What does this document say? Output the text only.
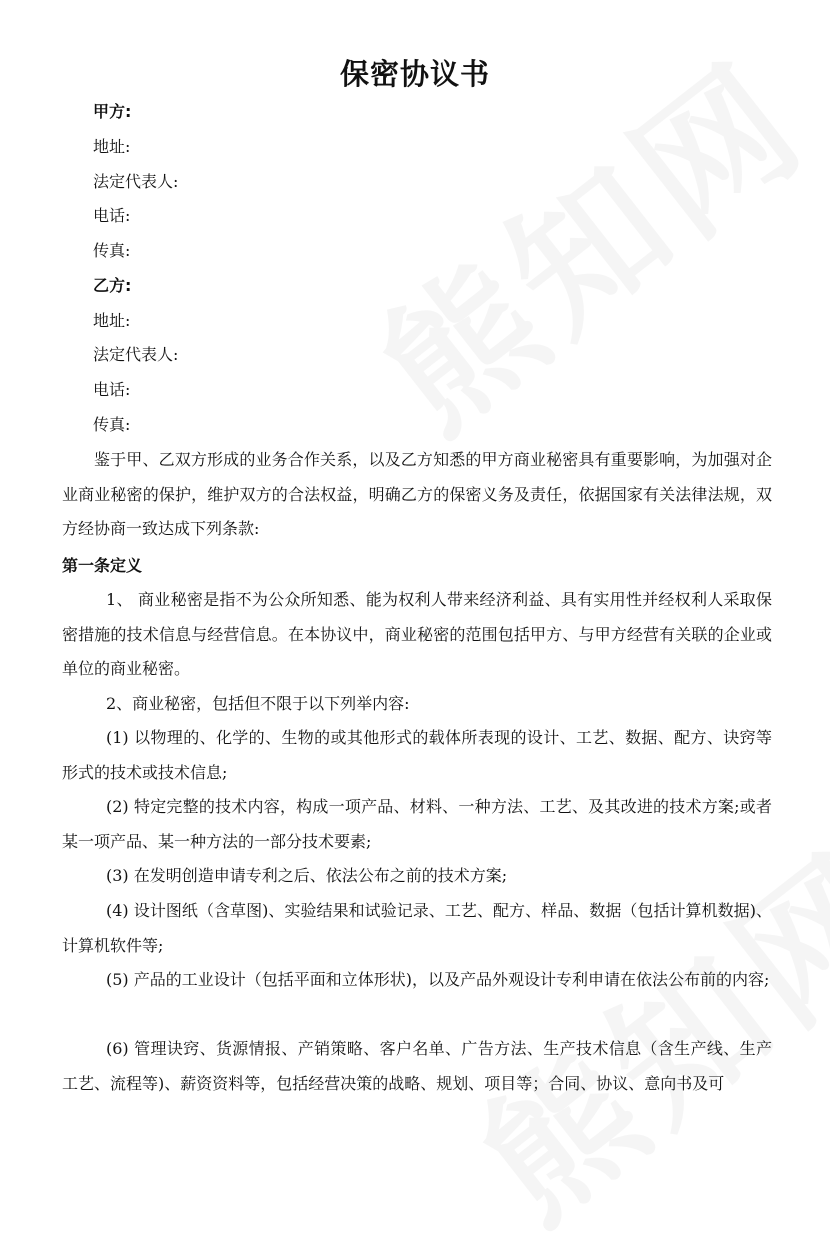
保密协议书
甲方:
地址:
法定代表人:
电话:
传真:
乙方:
地址:
法定代表人:
电话:
传真:
鉴于甲、乙双方形成的业务合作关系，以及乙方知悉的甲方商业秘密具有重要影响，为加强对企业商业秘密的保护，维护双方的合法权益，明确乙方的保密义务及责任，依据国家有关法律法规，双方经协商一致达成下列条款:
第一条定义
1、 商业秘密是指不为公众所知悉、能为权利人带来经济利益、具有实用性并经权利人采取保密措施的技术信息与经营信息。在本协议中，商业秘密的范围包括甲方、与甲方经营有关联的企业或单位的商业秘密。
2、商业秘密，包括但不限于以下列举内容:
(1) 以物理的、化学的、生物的或其他形式的载体所表现的设计、工艺、数据、配方、诀窍等形式的技术或技术信息;
(2) 特定完整的技术内容，构成一项产品、材料、一种方法、工艺、及其改进的技术方案;或者某一项产品、某一种方法的一部分技术要素;
(3) 在发明创造申请专利之后、依法公布之前的技术方案;
(4) 设计图纸（含草图)、实验结果和试验记录、工艺、配方、样品、数据（包括计算机数据)、计算机软件等;
(5) 产品的工业设计（包括平面和立体形状)，以及产品外观设计专利申请在依法公布前的内容;
(6) 管理诀窍、货源情报、产销策略、客户名单、广告方法、生产技术信息（含生产线、生产工艺、流程等)、薪资资料等，包括经营决策的战略、规划、项目等；合同、协议、意向书及可
